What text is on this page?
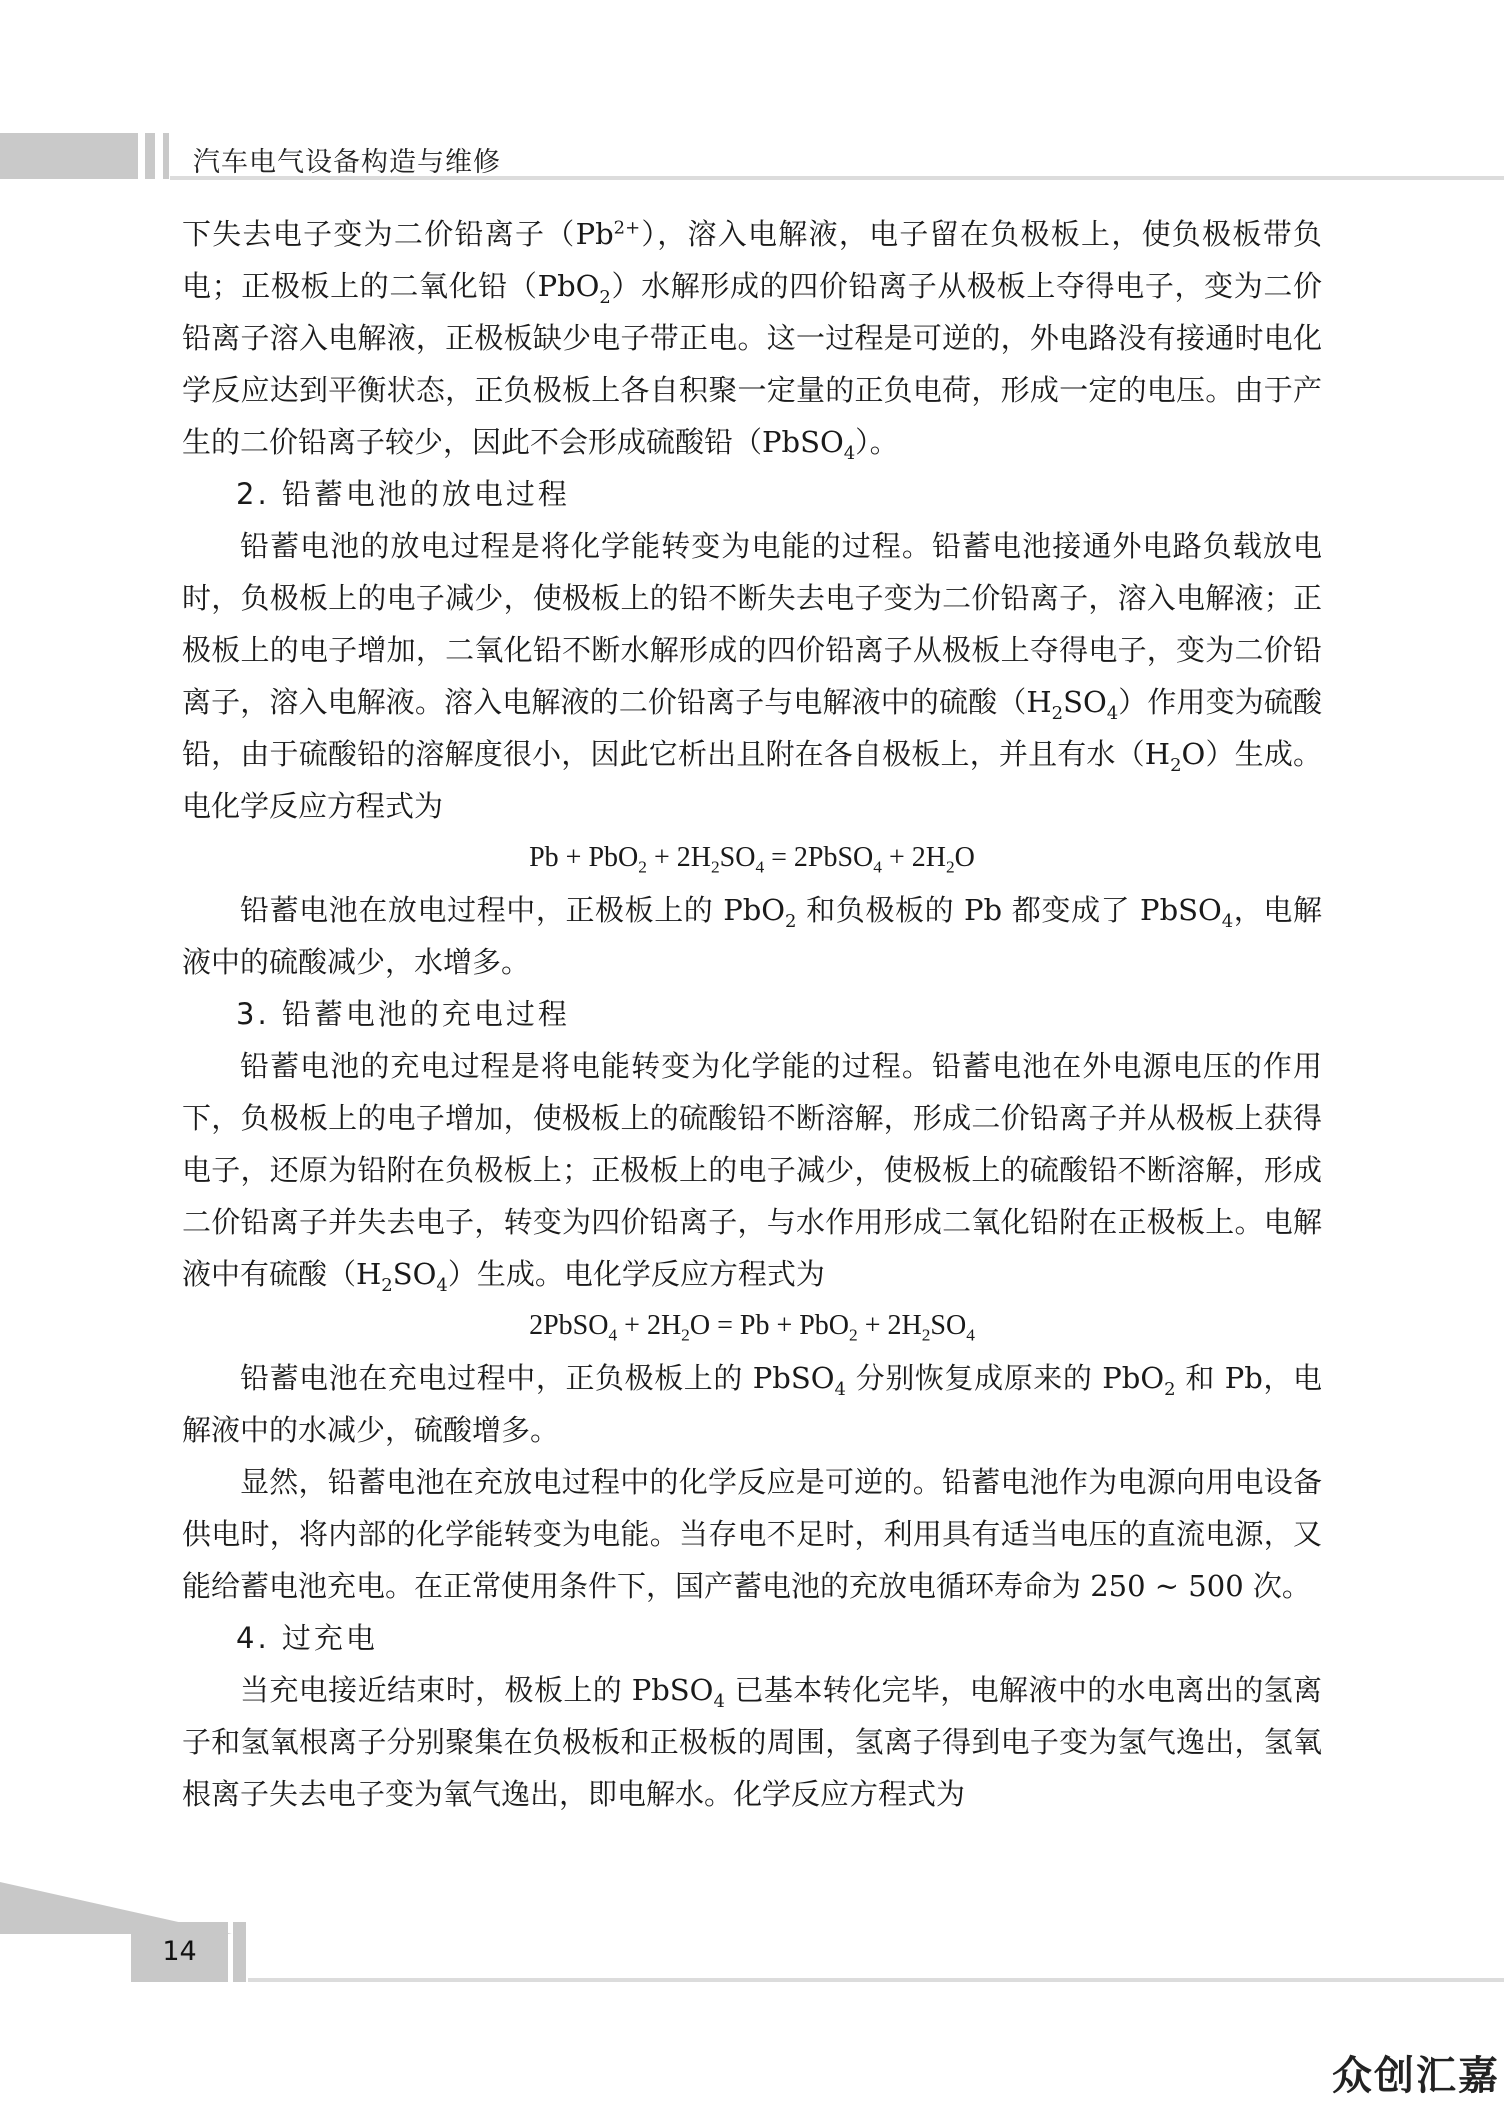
汽车电气设备构造与维修

下失去电子变为二价铅离子$(Pb^{2+})$，溶入电解液，电子留在负极板上，使负极板带负电；正极板上的二氧化铅（PbO$_2$）水解形成的四价铅离子从极板上夺得电子，变为二价铅离子溶入电解液，正极板缺少电子带正电。这一过程是可逆的，外电路没有接通时电化学反应达到平衡状态，正负极板上各自积聚一定量的正负电荷，形成一定的电压。由于产生的二价铅离子较少，因此不会形成硫酸铅（PbSO$_4$）。

2. 铅蓄电池的放电过程

铅蓄电池的放电过程是将化学能转变为电能的过程。铅蓄电池接通外电路负载放电时，负极板上的电子减少，使极板上的铅不断失去电子变为二价铅离子，溶入电解液；正极板上的电子增加，二氧化铅不断水解形成的四价铅离子从极板上夺得电子，变为二价铅离子，溶入电解液。溶入电解液的二价铅离子与电解液中的硫酸$(H_2SO_4)$作用变为硫酸铅，由于硫酸铅的溶解度很小，因此它析出且附在各自极板上，并且有水$(H_2O)$生成。电化学反应方程式为

$Pb + PbO_2 + 2H_2SO_4$ = 2PbSO$_4$ + $2H_2O$

铅蓄电池在放电过程中，正极板上的 PbO$_2$ 和负极板的 Pb 都变成了 PbSO$_4$，电解液中的硫酸减少，水增多。

3. 铅蓄电池的充电过程

铅蓄电池的充电过程是将电能转变为化学能的过程。铅蓄电池在外电源电压的作用下，负极板上的电子增加，使极板上的硫酸铅不断溶解，形成二价铅离子并从极板上获得电子，还原为铅附在负极板上；正极板上的电子减少，使极板上的硫酸铅不断溶解，形成二价铅离子并失去电子，转变为四价铅离子，与水作用形成二氧化铅附在正极板上。电解液中有硫酸$(H_2SO_4)$生成。电化学反应方程式为

2PbSO$_4$ + $2H_2O = Pb + PbO_2 + 2H_2SO_4$

铅蓄电池在充电过程中，正负极板上的 PbSO$_4$ 分别恢复成原来的 PbO$_2$ 和 Pb，电解液中的水减少，硫酸增多。

显然，铅蓄电池在充放电过程中的化学反应是可逆的。铅蓄电池作为电源向用电设备供电时，将内部的化学能转变为电能。当存电不足时，利用具有适当电压的直流电源，又能给蓄电池充电。在正常使用条件下，国产蓄电池的充放电循环寿命为 250 ~ 500 次。

4. 过充电

当充电接近结束时，极板上的 PbSO$_4$ 已基本转化完毕，电解液中的水电离出的氢离子和氢氧根离子分别聚集在负极板和正极板的周围，氢离子得到电子变为氢气逸出，氢氧根离子失去电子变为氧气逸出，即电解水。化学反应方程式为

14
众创汇嘉
